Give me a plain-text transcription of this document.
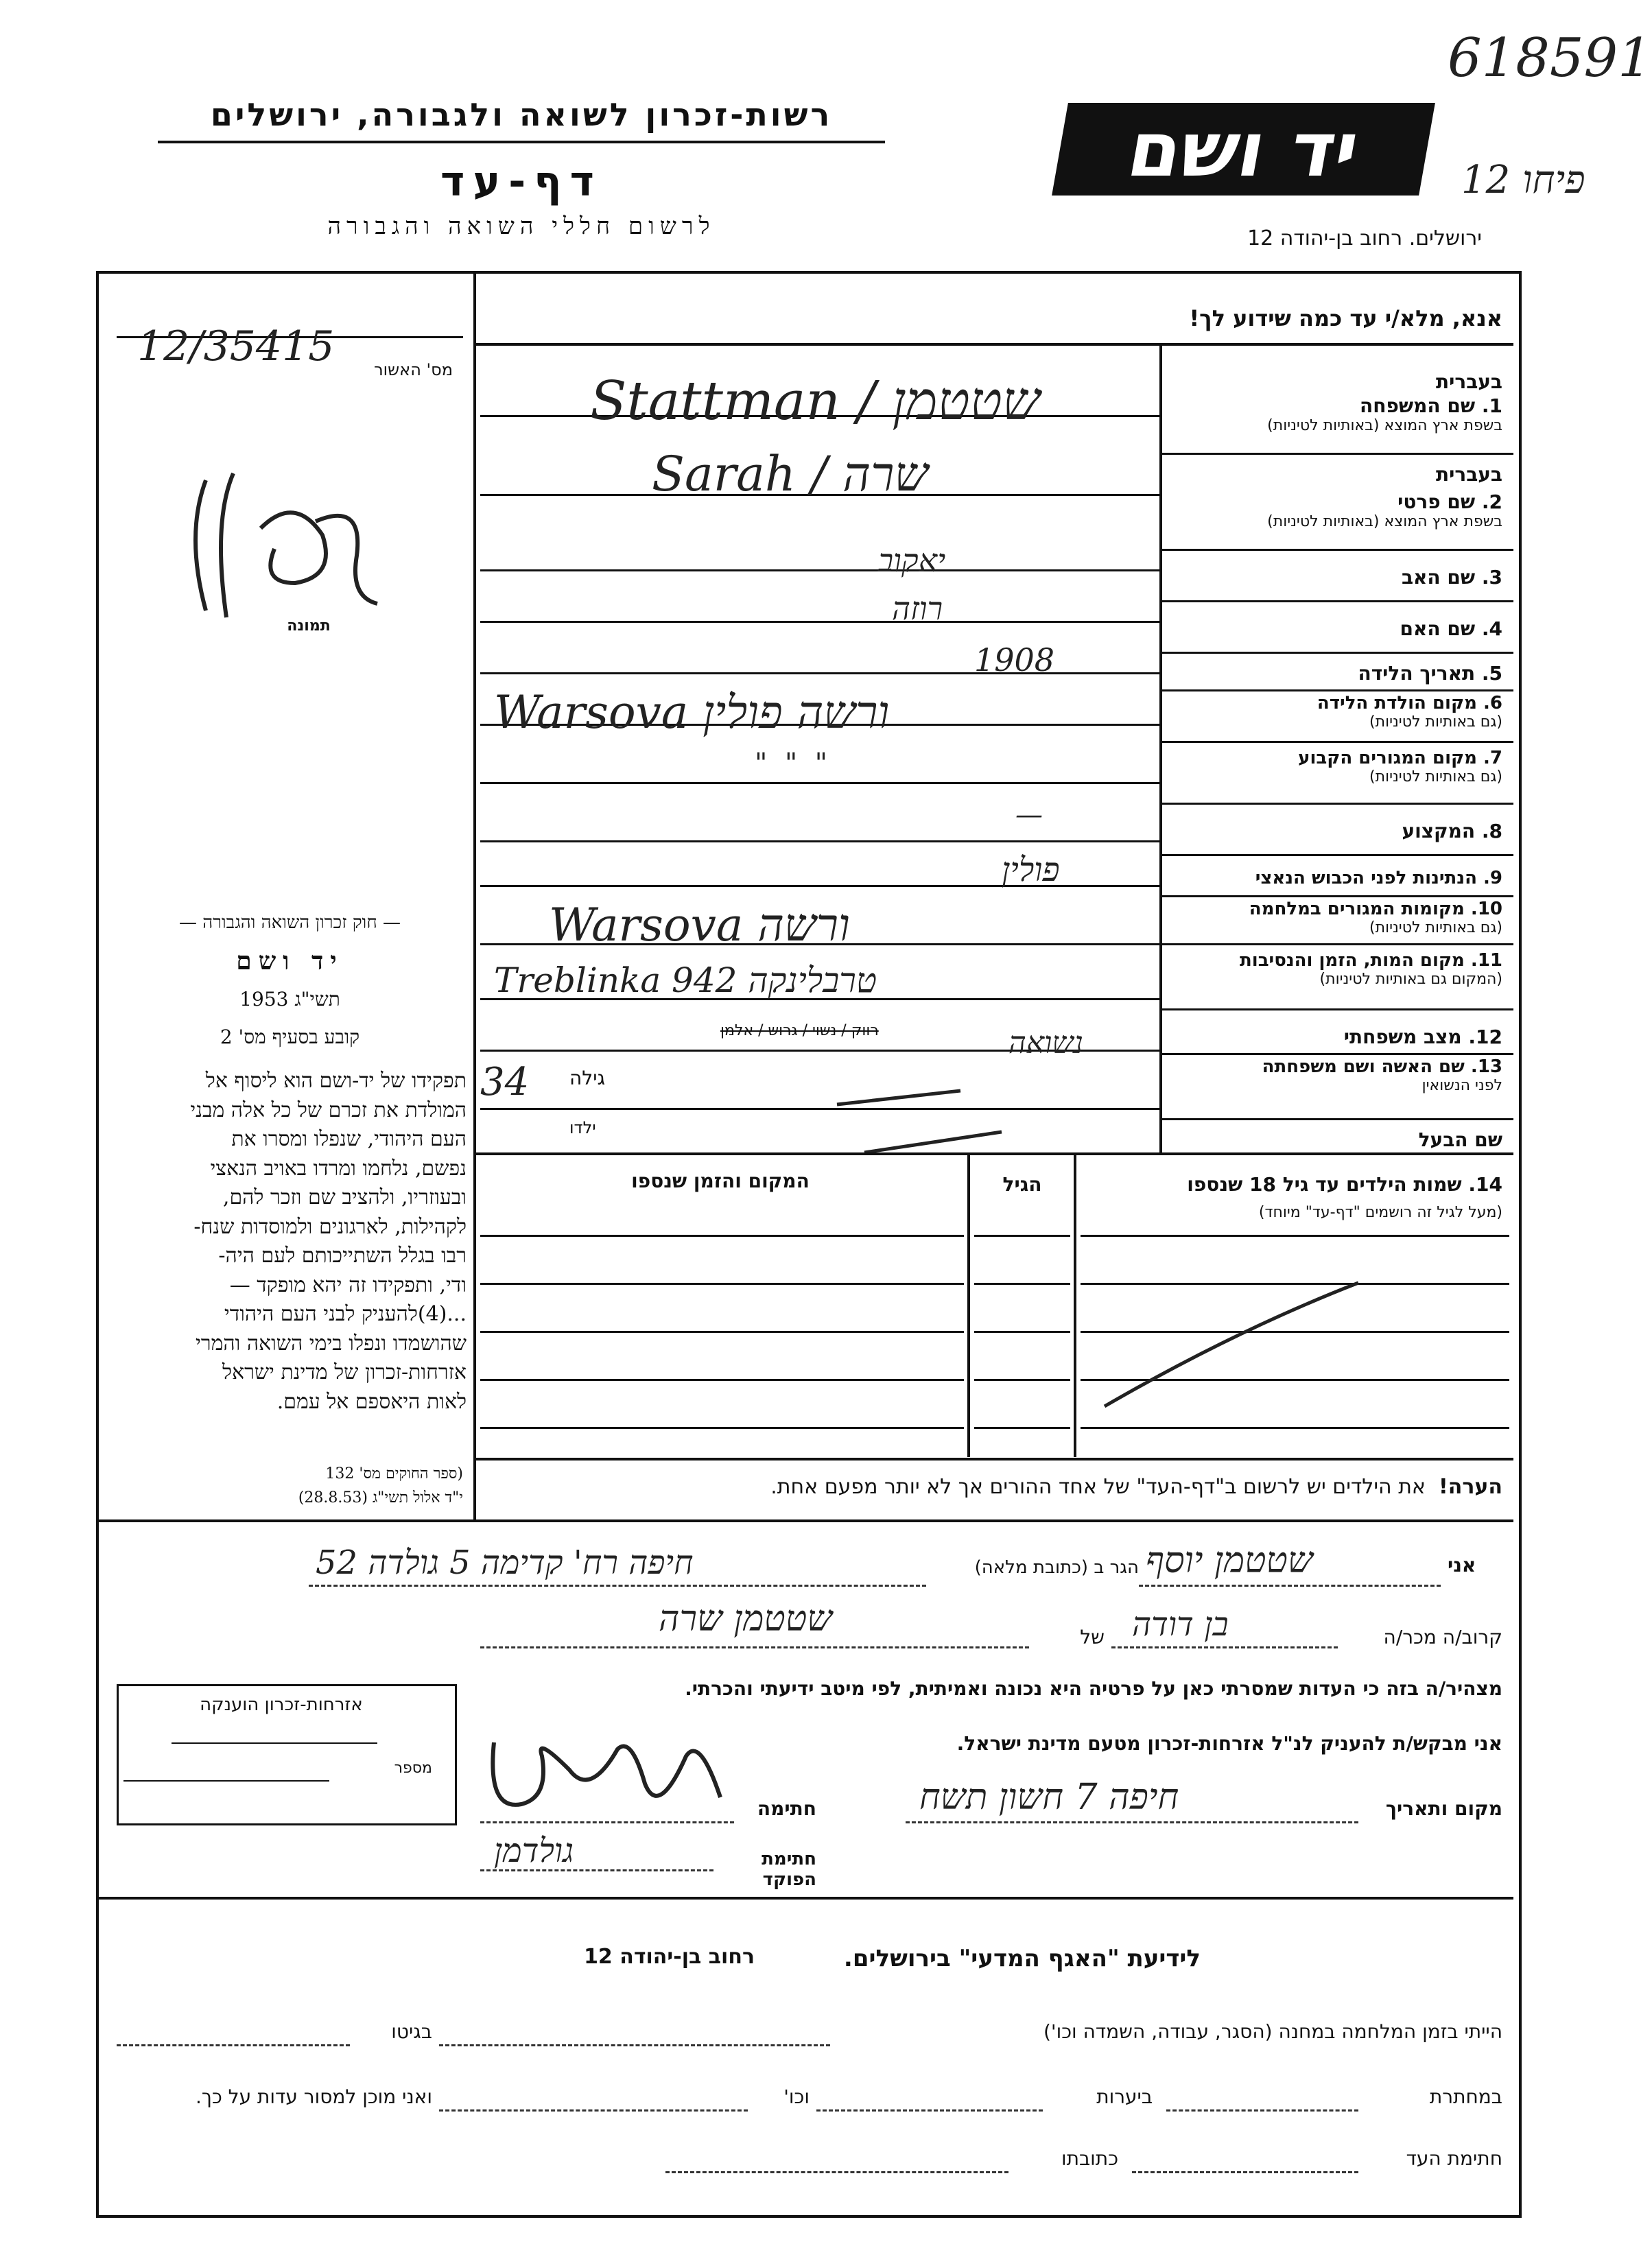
618591
פיחו 12
רשות-זכרון לשואה ולגבורה, ירושלים
דף-עד
לרשום חללי השואה והגבורה
יד ושם
ירושלים. רחוב בן-יהודה 12
12/35415	מס' האשור
תמונה
— חוק זכרון השואה והגבורה —
יד ושם
תשי"ג 1953
קובע בסעיף מס' 2
תפקידו של יד-ושם הוא ליסוף אל
המולדת את זכרם של כל אלה מבני
העם היהודי, שנפלו ומסרו את
נפשם, נלחמו ומרדו באויב הנאצי
ובעוזריו, ולהציב שם וזכר להם,
לקהילות, לארגונים ולמוסדות שנח-
רבו בגלל השתייכותם לעם היה-
ודי, ותפקידו זה יהא מופקד —
...(4)להעניק לבני העם היהודי
שהושמדו ונפלו בימי השואה והמרי
אזרחות-זכרון של מדינת ישראל
לאות היאספם אל עמם.
(ספר החוקים מס' 132
י"ד אלול תשי"ג (28.8.53)
אנא, מלא/י עד כמה שידוע לך!
בעברית
1. שם המשפחה
בשפת ארץ המוצא (באותיות לטיניות)
בעברית
2. שם פרטי
בשפת ארץ המוצא (באותיות לטיניות)
3. שם האב
4. שם האם
5. תאריך הלידה
6. מקום הולדת הלידה
(גם באותיות לטיניות)
7. מקום המגורים הקבוע
(גם באותיות לטיניות)
8. המקצוע
9. הנתינות לפני הכבוש הנאצי
10. מקומות המגורים במלחמה
(גם באותיות לטיניות)
11. מקום המות, הזמן והנסיבות
(המקום גם באותיות לטיניות)
12. מצב משפחתי
13. שם האשה ושם משפחתה
לפני הנשואין
שם הבעל
Stattman / שטטמן
Sarah / שרה
יאקוב
רוזה
1908
Warsova ורשה פולין
"  "  "
—
פולין
Warsova ורשה
Treblinka 942 טרבלינקה
רווק / נשוי / גרוש / אלמן	נשואה
34 גילה
ילדו
14. שמות הילדים עד גיל 18 שנספו
(מעל לגיל זה רושמים "דף-עד" מיוחד)
הגיל
המקום והזמן שנספו
הערה!  את הילדים יש לרשום ב"דף-העד" של אחד ההורים אך לא יותר מפעם אחת.
אני
שטטמן יוסף
הגר ב (כתובת מלאה)
חיפה רח' קדימה 5 גולדה 52
קרוב/ה מכר/ה
בן דודה
של
שטטמן שרה
מצהיר/ה בזה כי העדות שמסרתי כאן על פרטיה היא נכונה ואמיתית, לפי מיטב ידיעתי והכרתי.
אזרחות-זכרון הוענקה
מספר
אני מבקש/ת להעניק לנ"ל אזרחות-זכרון מטעם מדינת ישראל.
מקום ותאריך
חיפה 7 חשון תשח
חתימה
חתימת הפוקד
גולדמן
לידיעת "האגף המדעי" בירושלים.
רחוב בן-יהודה 12
הייתי בזמן המלחמה במחנה (הסגר, עבודה, השמדה וכו')
בגיטו
במחתרת
ביערות
וכו'
ואני מוכן למסור עדות על כך.
חתימת העד
כתובתו
